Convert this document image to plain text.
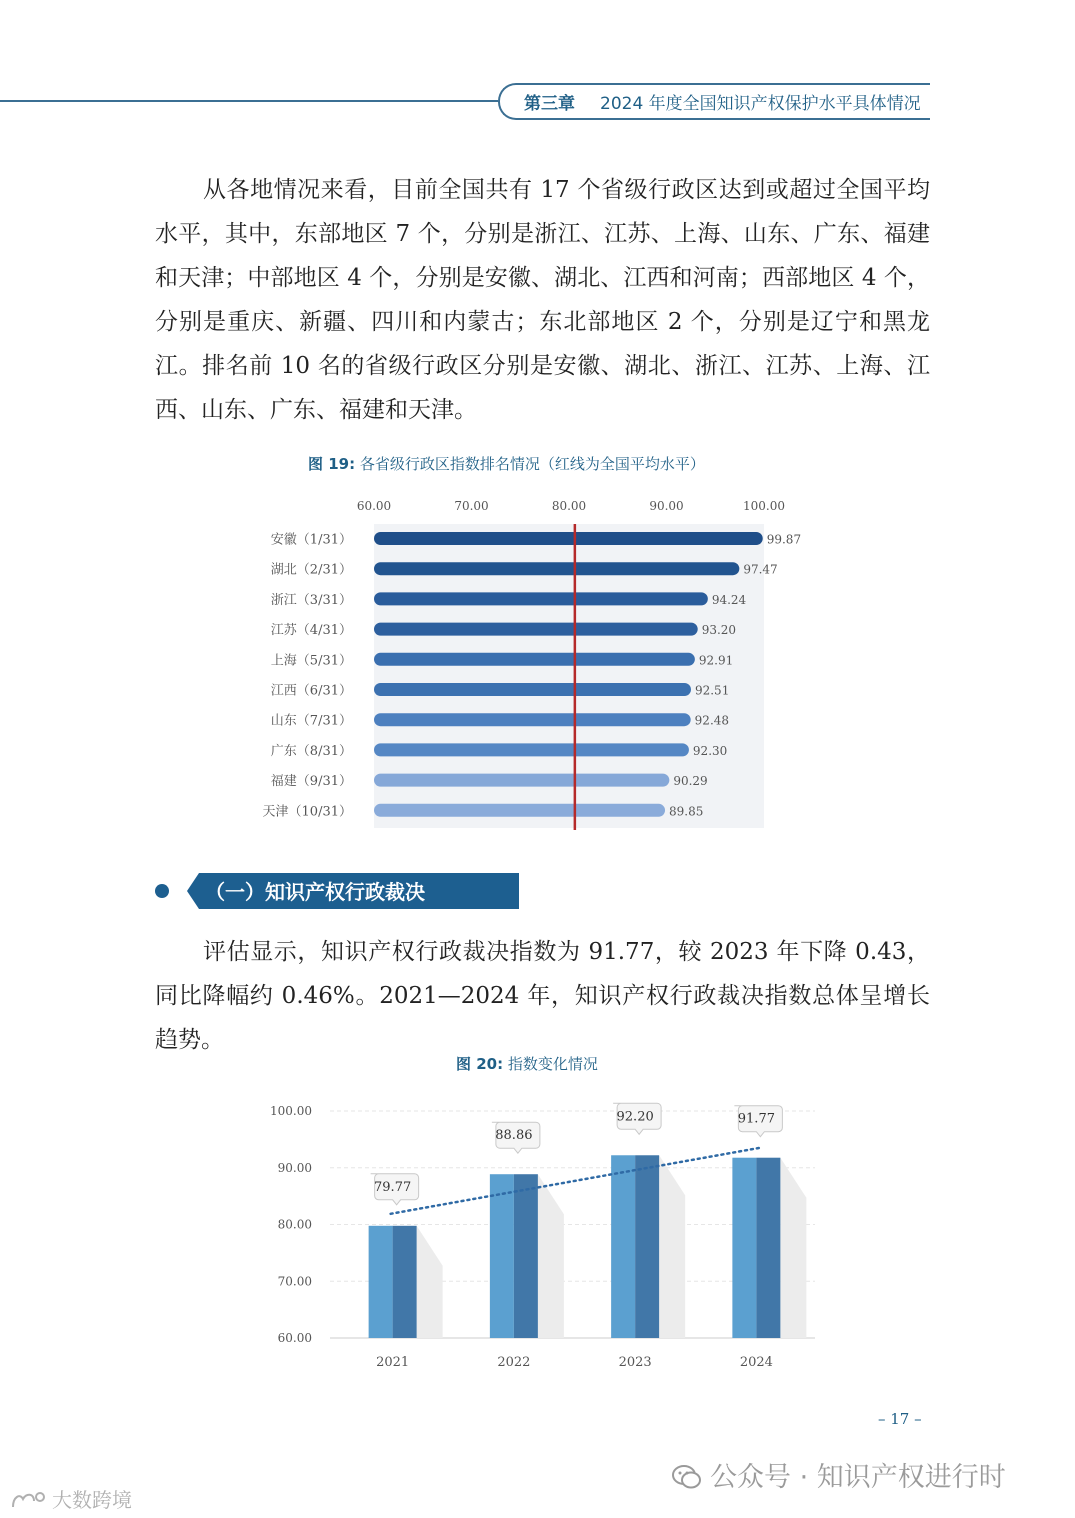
第三章 2024 年度全国知识产权保护水平具体情况

从各地情况来看，目前全国共有 17 个省级行政区达到或超过全国平均水平，其中，东部地区 7 个，分别是浙江、江苏、上海、山东、广东、福建和天津；中部地区 4 个，分别是安徽、湖北、江西和河南；西部地区 4 个，分别是重庆、新疆、四川和内蒙古；东北部地区 2 个，分别是辽宁和黑龙江。排名前 10 名的省级行政区分别是安徽、湖北、浙江、江苏、上海、江西、山东、广东、福建和天津。

图 19: 各省级行政区指数排名情况（红线为全国平均水平）
60.00	70.00	80.00	90.00	100.00
安徽（1/31）	99.87
湖北（2/31）	97.47
浙江（3/31）	94.24
江苏（4/31）	93.20
上海（5/31）	92.91
江西（6/31）	92.51
山东（7/31）	92.48
广东（8/31）	92.30
福建（9/31）	90.29
天津（10/31）	89.85
（一）知识产权行政裁决

评估显示，知识产权行政裁决指数为 91.77，较 2023 年下降 0.43，同比降幅约 0.46%。2021—2024 年，知识产权行政裁决指数总体呈增长趋势。

图 20: 指数变化情况
60.00
70.00
80.00
90.00
100.00
2021	2022	2023	2024
79.77
88.86
92.20	91.77
– 17 –
公众号 · 知识产权进行时
大数跨境
